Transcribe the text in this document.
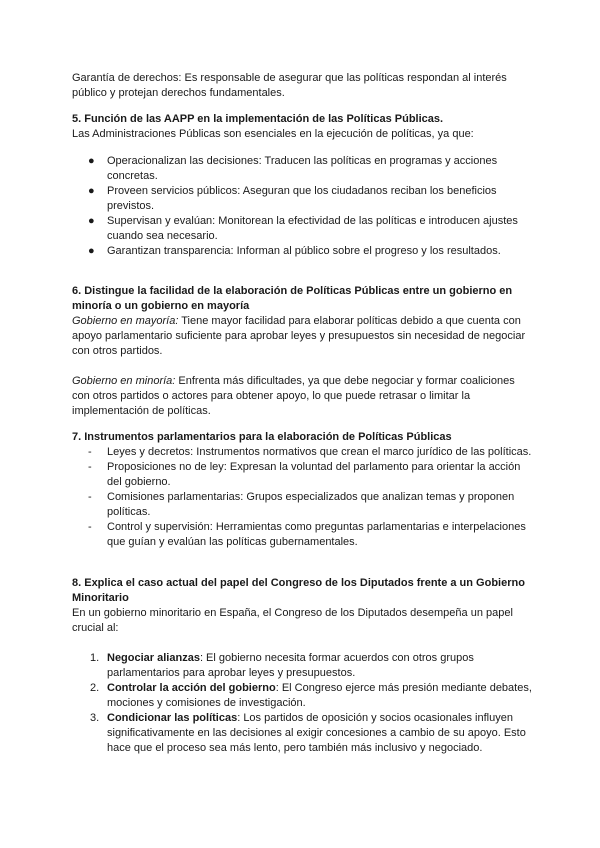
Garantía de derechos: Es responsable de asegurar que las políticas respondan al interés público y protejan derechos fundamentales.

5. Función de las AAPP en la implementación de las Políticas Públicas.

Las Administraciones Públicas son esenciales en la ejecución de políticas, ya que:

● Operacionalizan las decisiones: Traducen las políticas en programas y acciones concretas.
● Proveen servicios públicos: Aseguran que los ciudadanos reciban los beneficios previstos.
● Supervisan y evalúan: Monitorean la efectividad de las políticas e introducen ajustes cuando sea necesario.
● Garantizan transparencia: Informan al público sobre el progreso y los resultados.

6. Distingue la facilidad de la elaboración de Políticas Públicas entre un gobierno en minoría o un gobierno en mayoría

Gobierno en mayoría: Tiene mayor facilidad para elaborar políticas debido a que cuenta con apoyo parlamentario suficiente para aprobar leyes y presupuestos sin necesidad de negociar con otros partidos.

Gobierno en minoría: Enfrenta más dificultades, ya que debe negociar y formar coaliciones con otros partidos o actores para obtener apoyo, lo que puede retrasar o limitar la implementación de políticas.

7. Instrumentos parlamentarios para la elaboración de Políticas Públicas

- Leyes y decretos: Instrumentos normativos que crean el marco jurídico de las políticas.
- Proposiciones no de ley: Expresan la voluntad del parlamento para orientar la acción del gobierno.
- Comisiones parlamentarias: Grupos especializados que analizan temas y proponen políticas.
- Control y supervisión: Herramientas como preguntas parlamentarias e interpelaciones que guían y evalúan las políticas gubernamentales.

8. Explica el caso actual del papel del Congreso de los Diputados frente a un Gobierno Minoritario

En un gobierno minoritario en España, el Congreso de los Diputados desempeña un papel crucial al:

1. Negociar alianzas: El gobierno necesita formar acuerdos con otros grupos parlamentarios para aprobar leyes y presupuestos.
2. Controlar la acción del gobierno: El Congreso ejerce más presión mediante debates, mociones y comisiones de investigación.
3. Condicionar las políticas: Los partidos de oposición y socios ocasionales influyen significativamente en las decisiones al exigir concesiones a cambio de su apoyo. Esto hace que el proceso sea más lento, pero también más inclusivo y negociado.
